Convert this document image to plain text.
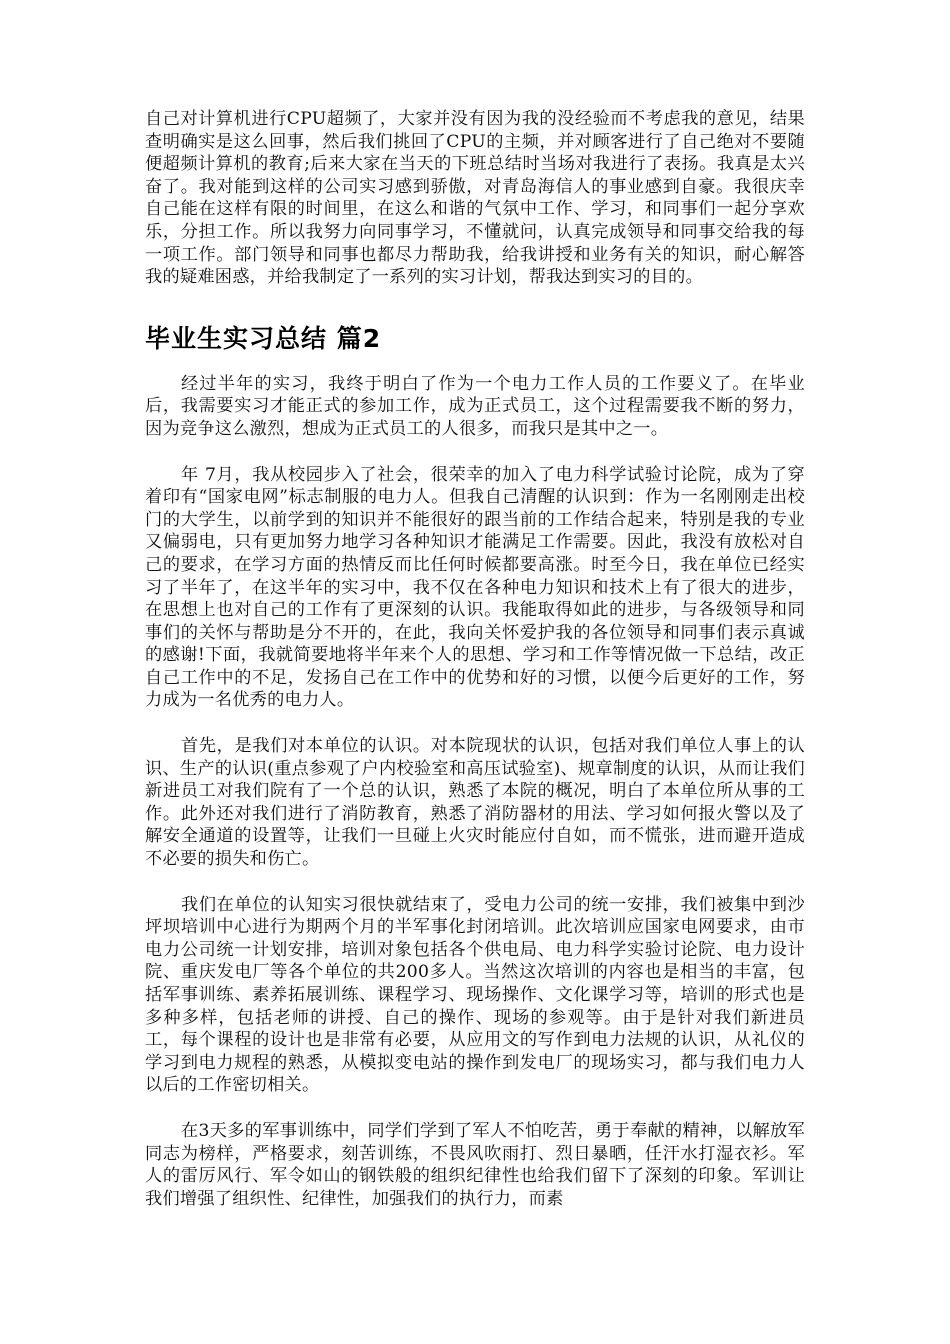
自己对计算机进行CPU超频了，大家并没有因为我的没经验而不考虑我的意见，结果查明确实是这么回事，然后我们挑回了CPU的主频，并对顾客进行了自己绝对不要随便超频计算机的教育;后来大家在当天的下班总结时当场对我进行了表扬。我真是太兴奋了。我对能到这样的公司实习感到骄傲，对青岛海信人的事业感到自豪。我很庆幸自己能在这样有限的时间里，在这么和谐的气氛中工作、学习，和同事们一起分享欢乐，分担工作。所以我努力向同事学习，不懂就问，认真完成领导和同事交给我的每一项工作。部门领导和同事也都尽力帮助我，给我讲授和业务有关的知识，耐心解答我的疑难困惑，并给我制定了一系列的实习计划，帮我达到实习的目的。

毕业生实习总结 篇2

经过半年的实习，我终于明白了作为一个电力工作人员的工作要义了。在毕业后，我需要实习才能正式的参加工作，成为正式员工，这个过程需要我不断的努力，因为竞争这么激烈，想成为正式员工的人很多，而我只是其中之一。

年 7月，我从校园步入了社会，很荣幸的加入了电力科学试验讨论院，成为了穿着印有“国家电网”标志制服的电力人。但我自己清醒的认识到：作为一名刚刚走出校门的大学生，以前学到的知识并不能很好的跟当前的工作结合起来，特别是我的专业又偏弱电，只有更加努力地学习各种知识才能满足工作需要。因此，我没有放松对自己的要求，在学习方面的热情反而比任何时候都要高涨。时至今日，我在单位已经实习了半年了，在这半年的实习中，我不仅在各种电力知识和技术上有了很大的进步，在思想上也对自己的工作有了更深刻的认识。我能取得如此的进步，与各级领导和同事们的关怀与帮助是分不开的，在此，我向关怀爱护我的各位领导和同事们表示真诚的感谢!下面，我就简要地将半年来个人的思想、学习和工作等情况做一下总结，改正自己工作中的不足，发扬自己在工作中的优势和好的习惯，以便今后更好的工作，努力成为一名优秀的电力人。

首先，是我们对本单位的认识。对本院现状的认识，包括对我们单位人事上的认识、生产的认识(重点参观了户内校验室和高压试验室)、规章制度的认识，从而让我们新进员工对我们院有了一个总的认识，熟悉了本院的概况，明白了本单位所从事的工作。此外还对我们进行了消防教育，熟悉了消防器材的用法、学习如何报火警以及了解安全通道的设置等，让我们一旦碰上火灾时能应付自如，而不慌张，进而避开造成不必要的损失和伤亡。

我们在单位的认知实习很快就结束了，受电力公司的统一安排，我们被集中到沙坪坝培训中心进行为期两个月的半军事化封闭培训。此次培训应国家电网要求，由市电力公司统一计划安排，培训对象包括各个供电局、电力科学实验讨论院、电力设计院、重庆发电厂等各个单位的共200多人。当然这次培训的内容也是相当的丰富，包括军事训练、素养拓展训练、课程学习、现场操作、文化课学习等，培训的形式也是多种多样，包括老师的讲授、自己的操作、现场的参观等。由于是针对我们新进员工，每个课程的设计也是非常有必要，从应用文的写作到电力法规的认识，从礼仪的学习到电力规程的熟悉，从模拟变电站的操作到发电厂的现场实习，都与我们电力人以后的工作密切相关。

在3天多的军事训练中，同学们学到了军人不怕吃苦，勇于奉献的精神，以解放军同志为榜样，严格要求，刻苦训练，不畏风吹雨打、烈日暴晒，任汗水打湿衣衫。军人的雷厉风行、军令如山的钢铁般的组织纪律性也给我们留下了深刻的印象。军训让我们增强了组织性、纪律性，加强我们的执行力，而素
